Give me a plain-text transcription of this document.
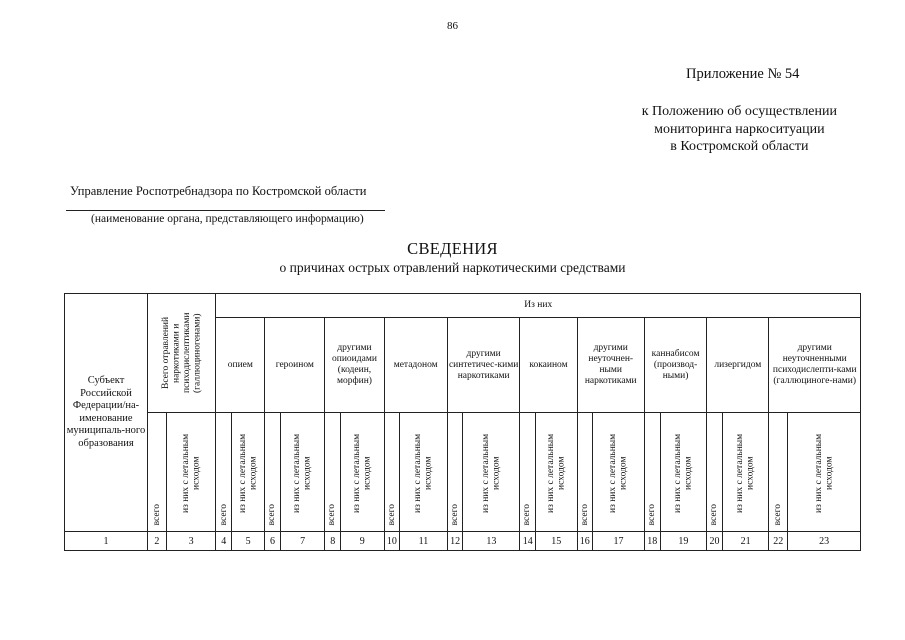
86
Приложение № 54
к Положению об осуществлении
мониторинга наркоситуации
в Костромской области
Управление Роспотребнадзора по Костромской области
(наименование органа, представляющего информацию)
СВЕДЕНИЯ
о причинах острых отравлений наркотическими средствами
Субъект Российской Федерации/на-именование муниципаль-ного образования	Всего отравлений наркотиками и психодислептиками (галлюциногенами)		Из них																			
			опием		героином		другими опиоидами (кодеин, морфин)		метадоном		другими синтетичес-кими наркотиками		кокаином		другими неуточнен-ными наркотиками		каннабисом (производ-ными)		лизергидом		другими неуточненными психодислепти-ками (галлюциноге-нами)	

	всего	из них с летальным исходом	всего	из них с летальным исходом	всего	из них с летальным исходом	всего	из них с летальным исходом	всего	из них с летальным исходом	всего	из них с летальным исходом	всего	из них с летальным исходом	всего	из них с летальным исходом	всего	из них с летальным исходом	всего	из них с летальным исходом	всего	из них с летальным исходом

1	2	3	4	5	6	7	8	9	10	11	12	13	14	15	16	17	18	19	20	21	22	23
